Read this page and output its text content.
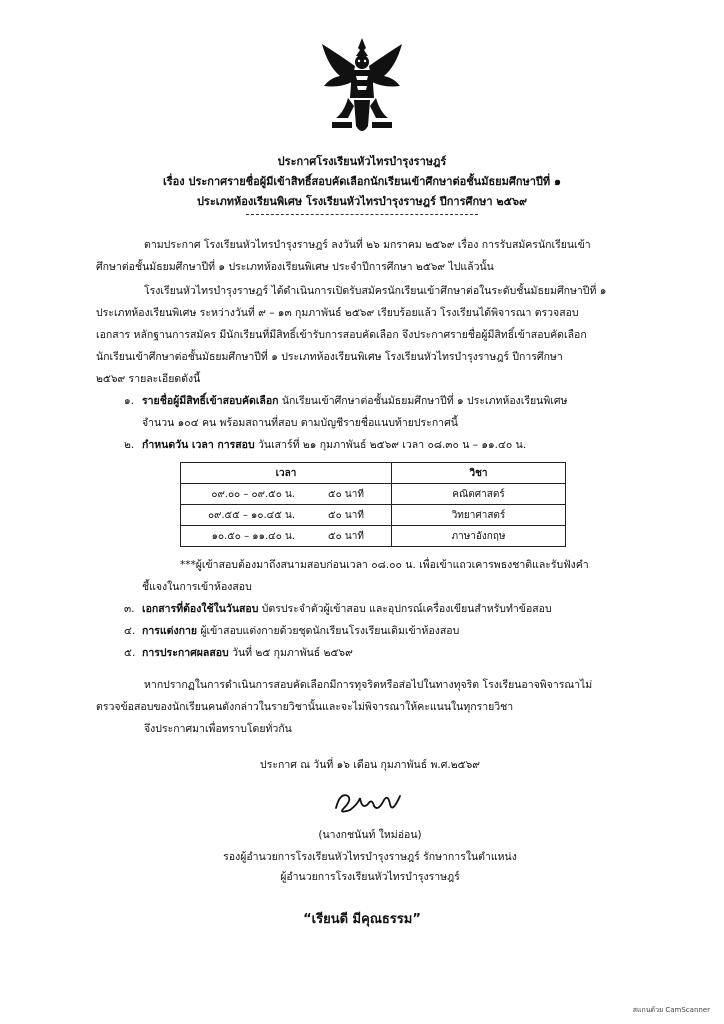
ประกาศโรงเรียนหัวไทรบำรุงราษฎร์
เรื่อง ประกาศรายชื่อผู้มีเข้าสิทธิ์สอบคัดเลือกนักเรียนเข้าศึกษาต่อชั้นมัธยมศึกษาปีที่ ๑
ประเภทห้องเรียนพิเศษ โรงเรียนหัวไทรบำรุงราษฎร์ ปีการศึกษา ๒๕๖๙
ตามประกาศ โรงเรียนหัวไทรบำรุงราษฎร์ ลงวันที่ ๒๖ มกราคม ๒๕๖๙ เรื่อง การรับสมัครนักเรียนเข้า
ศึกษาต่อชั้นมัธยมศึกษาปีที่ ๑ ประเภทห้องเรียนพิเศษ ประจำปีการศึกษา ๒๕๖๙ ไปแล้วนั้น
โรงเรียนหัวไทรบำรุงราษฎร์ ได้ดำเนินการเปิดรับสมัครนักเรียนเข้าศึกษาต่อในระดับชั้นมัธยมศึกษาปีที่ ๑
ประเภทห้องเรียนพิเศษ ระหว่างวันที่ ๙ – ๑๓ กุมภาพันธ์ ๒๕๖๙ เรียบร้อยแล้ว โรงเรียนได้พิจารณา ตรวจสอบ
เอกสาร หลักฐานการสมัคร มีนักเรียนที่มีสิทธิ์เข้ารับการสอบคัดเลือก จึงประกาศรายชื่อผู้มีสิทธิ์เข้าสอบคัดเลือก
นักเรียนเข้าศึกษาต่อชั้นมัธยมศึกษาปีที่ ๑ ประเภทห้องเรียนพิเศษ โรงเรียนหัวไทรบำรุงราษฎร์ ปีการศึกษา
๒๕๖๙ รายละเอียดดังนี้
๑. รายชื่อผู้มีสิทธิ์เข้าสอบคัดเลือก นักเรียนเข้าศึกษาต่อชั้นมัธยมศึกษาปีที่ ๑ ประเภทห้องเรียนพิเศษ
จำนวน ๑๐๔ คน พร้อมสถานที่สอบ ตามบัญชีรายชื่อแนบท้ายประกาศนี้
๒. กำหนดวัน เวลา การสอบ วันเสาร์ที่ ๒๑ กุมภาพันธ์ ๒๕๖๙ เวลา ๐๘.๓๐ น – ๑๑.๔๐ น.
เวลา		วิชา
๐๙.๐๐ – ๐๙.๕๐ น.	๕๐ นาที	คณิตศาสตร์
๐๙.๕๕ – ๑๐.๔๕ น.	๕๐ นาที	วิทยาศาสตร์
๑๐.๕๐ – ๑๑.๔๐ น.	๕๐ นาที	ภาษาอังกฤษ
***ผู้เข้าสอบต้องมาถึงสนามสอบก่อนเวลา ๐๘.๐๐ น. เพื่อเข้าแถวเคารพธงชาติและรับฟังคำ
ชี้แจงในการเข้าห้องสอบ
๓. เอกสารที่ต้องใช้ในวันสอบ บัตรประจำตัวผู้เข้าสอบ และอุปกรณ์เครื่องเขียนสำหรับทำข้อสอบ
๔. การแต่งกาย ผู้เข้าสอบแต่งกายด้วยชุดนักเรียนโรงเรียนเดิมเข้าห้องสอบ
๕. การประกาศผลสอบ วันที่ ๒๕ กุมภาพันธ์ ๒๕๖๙
หากปรากฏในการดำเนินการสอบคัดเลือกมีการทุจริตหรือส่อไปในทางทุจริต โรงเรียนอาจพิจารณาไม่
ตรวจข้อสอบของนักเรียนคนดังกล่าวในรายวิชานั้นและจะไม่พิจารณาให้คะแนนในทุกรายวิชา
จึงประกาศมาเพื่อทราบโดยทั่วกัน
ประกาศ ณ วันที่ ๑๖ เดือน กุมภาพันธ์ พ.ศ.๒๕๖๙
(นางกชนันท์ ใหม่อ่อน)
รองผู้อำนวยการโรงเรียนหัวไทรบำรุงราษฎร์ รักษาการในตำแหน่ง
ผู้อำนวยการโรงเรียนหัวไทรบำรุงราษฎร์
“เรียนดี มีคุณธรรม”
สแกนด้วย CamScanner
